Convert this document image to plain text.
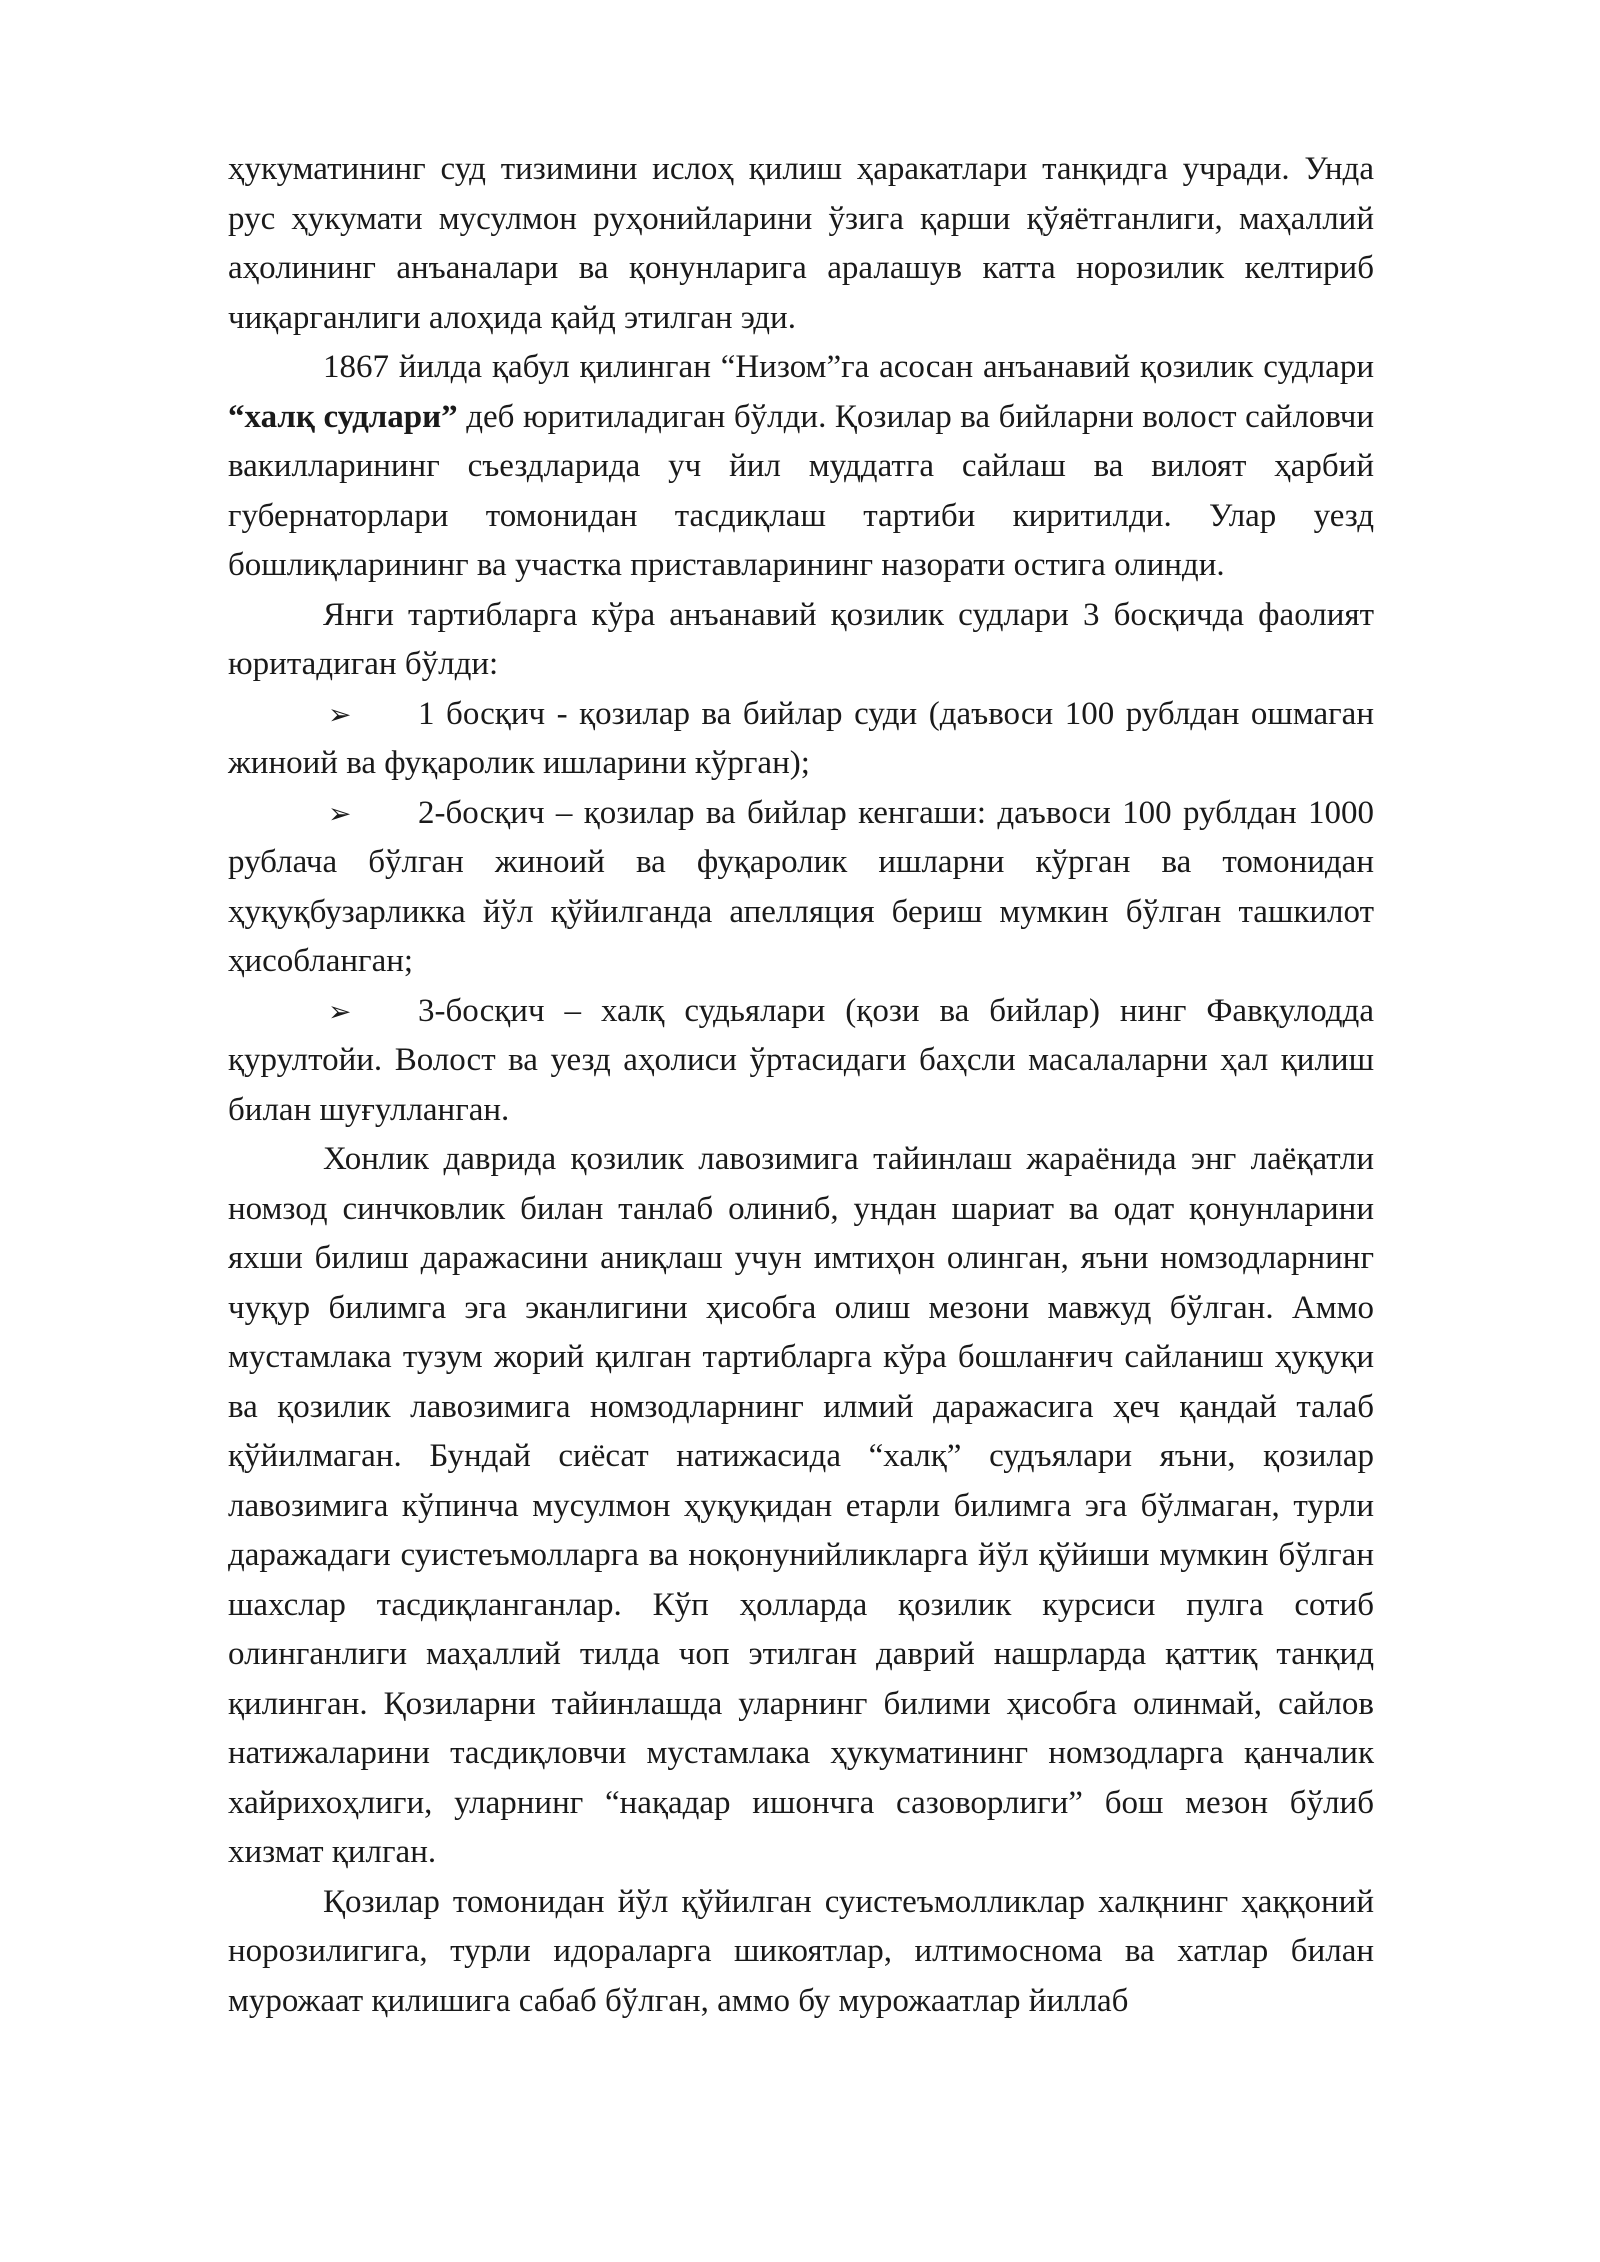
ҳукуматининг суд тизимини ислоҳ қилиш ҳаракатлари танқидга учради. Унда рус ҳукумати мусулмон руҳонийларини ўзига қарши қўяётганлиги, маҳаллий аҳолининг анъаналари ва қонунларига аралашув катта норозилик келтириб чиқарганлиги алоҳида қайд этилган эди.

1867 йилда қабул қилинган “Низом”га асосан анъанавий қозилик судлари “халқ судлари” деб юритиладиган бўлди. Қозилар ва бийларни волост сайловчи вакилларининг съездларида уч йил муддатга сайлаш ва вилоят ҳарбий губернаторлари томонидан тасдиқлаш тартиби киритилди. Улар уезд бошлиқларининг ва участка приставларининг назорати остига олинди.

Янги тартибларга кўра анъанавий қозилик судлари 3 босқичда фаолият юритадиган бўлди:

➢ 1 босқич - қозилар ва бийлар суди (даъвоси 100 рублдан ошмаган жиноий ва фуқаролик ишларини кўрган);

➢ 2-босқич – қозилар ва бийлар кенгаши: даъвоси 100 рублдан 1000 рублача бўлган жиноий ва фуқаролик ишларни кўрган ва томонидан ҳуқуқбузарликка йўл қўйилганда апелляция бериш мумкин бўлган ташкилот ҳисобланган;

➢ 3-босқич – халқ судьялари (қози ва бийлар) нинг Фавқулодда қурултойи. Волост ва уезд аҳолиси ўртасидаги баҳсли масалаларни ҳал қилиш билан шуғулланган.

Хонлик даврида қозилик лавозимига тайинлаш жараёнида энг лаёқатли номзод синчковлик билан танлаб олиниб, ундан шариат ва одат қонунларини яхши билиш даражасини аниқлаш учун имтиҳон олинган, яъни номзодларнинг чуқур билимга эга эканлигини ҳисобга олиш мезони мавжуд бўлган. Аммо мустамлака тузум жорий қилган тартибларга кўра бошланғич сайланиш ҳуқуқи ва қозилик лавозимига номзодларнинг илмий даражасига ҳеч қандай талаб қўйилмаган. Бундай сиёсат натижасида “халқ” судъялари яъни, қозилар лавозимига кўпинча мусулмон ҳуқуқидан етарли билимга эга бўлмаган, турли даражадаги суистеъмолларга ва ноқонунийликларга йўл қўйиши мумкин бўлган шахслар тасдиқланганлар. Кўп ҳолларда қозилик курсиси пулга сотиб олинганлиги маҳаллий тилда чоп этилган даврий нашрларда қаттиқ танқид қилинган. Қозиларни тайинлашда уларнинг билими ҳисобга олинмай, сайлов натижаларини тасдиқловчи мустамлака ҳукуматининг номзодларга қанчалик хайрихоҳлиги, уларнинг “нақадар ишончга сазоворлиги” бош мезон бўлиб хизмат қилган.

Қозилар томонидан йўл қўйилган суистеъмолликлар халқнинг ҳаққоний норозилигига, турли идораларга шикоятлар, илтимоснома ва хатлар билан мурожаат қилишига сабаб бўлган, аммо бу мурожаатлар йиллаб
